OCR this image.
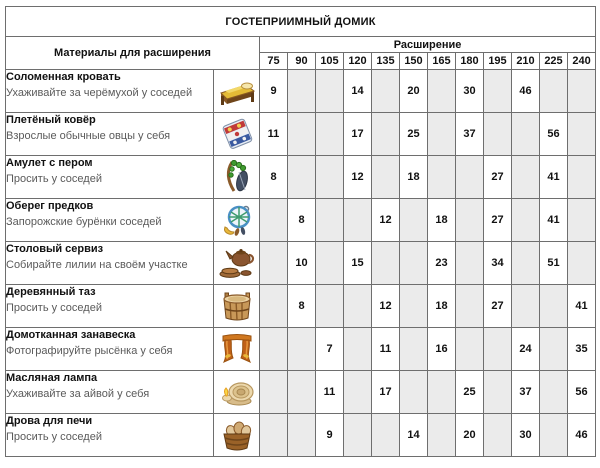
ГОСТЕПРИИМНЫЙ ДОМИК													
Материалы для расширения		Расширение											
		75	90	105	120	135	150	165	180	195	210	225	240

Соломенная кровать
Ухаживайте за черёмухой у соседей		9			14		20		30		46		

Плетёный ковёр
Взрослые обычные овцы у себя		11			17		25		37			56	

Амулет с пером
Просить у соседей		8			12		18			27		41	

Оберег предков
Запорожские бурёнки соседей			8			12		18		27		41	

Столовый сервиз
Собирайте лилии на своём участке			10		15			23		34		51	

Деревянный таз
Просить у соседей			8			12		18		27			41

Домотканная занавеска
Фотографируйте рысёнка у себя				7		11		16			24		35

Масляная лампа
Ухаживайте за айвой у себя				11		17			25		37		56

Дрова для печи
Просить у соседей				9			14		20		30		46
